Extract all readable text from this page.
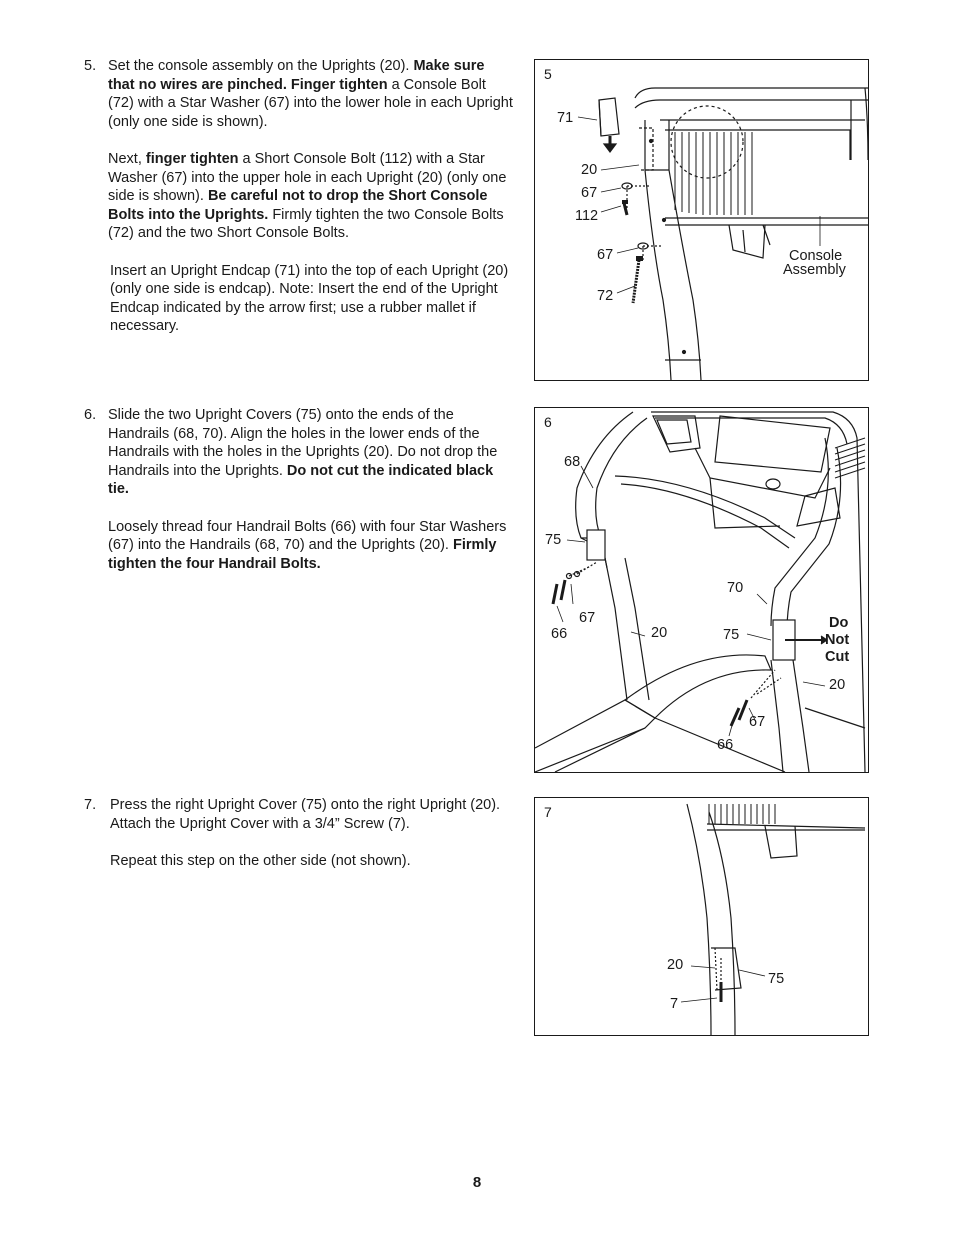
5. Set the console assembly on the Uprights (20). Make sure that no wires are pinched. Finger tighten a Console Bolt (72) with a Star Washer (67) into the lower hole in each Upright (only one side is shown).

Next, finger tighten a Short Console Bolt (112) with a Star Washer (67) into the upper hole in each Upright (20) (only one side is shown). Be careful not to drop the Short Console Bolts into the Uprights. Firmly tighten the two Console Bolts (72) and the two Short Console Bolts.

Insert an Upright Endcap (71) into the top of each Upright (20) (only one side is endcap). Note: Insert the end of the Upright Endcap indicated by the arrow first; use a rubber mallet if necessary.

6. Slide the two Upright Covers (75) onto the ends of the Handrails (68, 70). Align the holes in the lower ends of the Handrails with the holes in the Uprights (20). Do not drop the Handrails into the Uprights. Do not cut the indicated black tie.

Loosely thread four Handrail Bolts (66) with four Star Washers (67) into the Handrails (68, 70) and the Uprights (20). Firmly tighten the four Handrail Bolts.

7. Press the right Upright Cover (75) onto the right Upright (20). Attach the Upright Cover with a 3/4” Screw (7).

Repeat this step on the other side (not shown).

5
71
20
67
112
67
72
Console
Assembly
6
68
75
67
66	20
70
75
Do
Not
Cut
20
67
66
7
20
75
7
8
